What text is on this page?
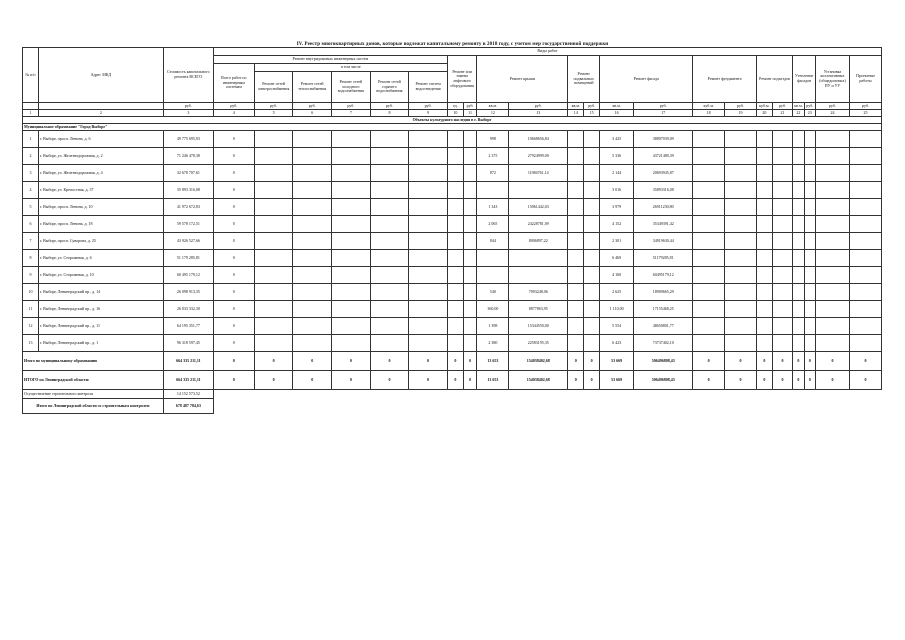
IV. Реестр многоквартирных домов, которые подлежат капитальному ремонту в 2018 году, с учетом мер государственной поддержки
№ п/п	Адрес МКД	Стоимость капитального ремонта ВСЕГО	Виды работ																					
			Ремонт внутридомовых инженерных систем						Ремонт или замена лифтового оборудования		Ремонт крыши		Ремонт подвальных помещений		Ремонт фасада		Ремонт фундамента		Ремонт подъездов		Утепление фасадов		Установка коллективных (общедомовых) ПУ и УУ	Проектные работы
			Всего работ по инженерным системам	в том числе																				
				Ремонт сетей электроснабжения	Ремонт сетей теплоснабжения	Ремонт сетей холодного водоснабжения	Ремонт сетей горячего водоснабжения	Ремонт систем водоотведения																
		руб.	руб.	руб.	руб.	руб.	руб.	руб.	ед.	руб.	кв.м.	руб.	кв.м.	руб.	кв.м.	руб.	куб.м.	руб.	куб.м.	руб.	кв.м.	руб.	руб.	руб.
1	2	3	4	5	6	7	8	9	10	11	12	13	14	15	16	17	18	19	20	21	22	23	24	25
Объекты культурного наследия в г. Выборг																								
Муниципальное образование "Город Выборг"																								
1	г. Выборг, просп. Ленина, д. 6	49 775 695,93	0								998	10668656,84			3 425	38807039,09								
2	г. Выборг, ул. Железнодорожная, д. 2	71 246 478,38	0								2 375	27924999,00			5 336	43721480,39								
3	г. Выборг, ул. Железнодорожная, д. 4	32 678 707,61	0								872	11984761,14			2 144	20693945,87								
4	г. Выборг, ул. Крепостная, д. 37	35 893 316,08	0												3 016	35893316,08								
5	г. Выборг, просп. Ленина, д. 10	41 972 672,83	0								1 343	15061442,03			3 979	26911230,80								
6	г. Выборг, просп. Ленина, д. 18	59 578 172,51	0								2 065	24228781,09			4 152	35349391,42								
7	г. Выборг, просп. Суворова, д. 25	43 926 527,66	0								844	8006897,22			2 301	34919630,44								
8	г. Выборг, ул. Сторожевая, д. 6	51 179 285,81	0												6 469	51179285,81								
9	г. Выборг, ул. Сторожевая, д. 10	60 495 179,12	0												4 160	60495179,12								
10	г. Выборг, Ленинградский пр., д. 14	26 098 913,35	0								540	7093248,06			2 625	18909665,29								
11	г. Выборг, Ленинградский пр., д. 16	26 033 332,30	0								360,00	8877863,95			1 110,00	17155468,25								
12	г. Выборг, Ленинградский пр., д. 11	64 195 351,77	0								1 398	15344550,00			5 554	48650801,77								
13	г. Выборг, Ленинградский пр., д. 1	96 318 597,45	0								2 380	22583195,35			6 423	73737402,10								
Итого по муниципальному образованию		664 335 211,11	0	0	0	0	0	0	0	0	13 653	154038402,68	0	0	53 669	506496808,43	0	0	0	0	0	0	0	0
ИТОГО по Ленинградской области:		664 335 211,11	0	0	0	0	0	0	0	0	13 653	154038402,68	0	0	53 669	506496808,43	0	0	0	0	0	0	0	0
Осуществление строительного контроля		14 152 573,52																						
Итого по Ленинградской области со строительным контролем		678 487 784,63																						
